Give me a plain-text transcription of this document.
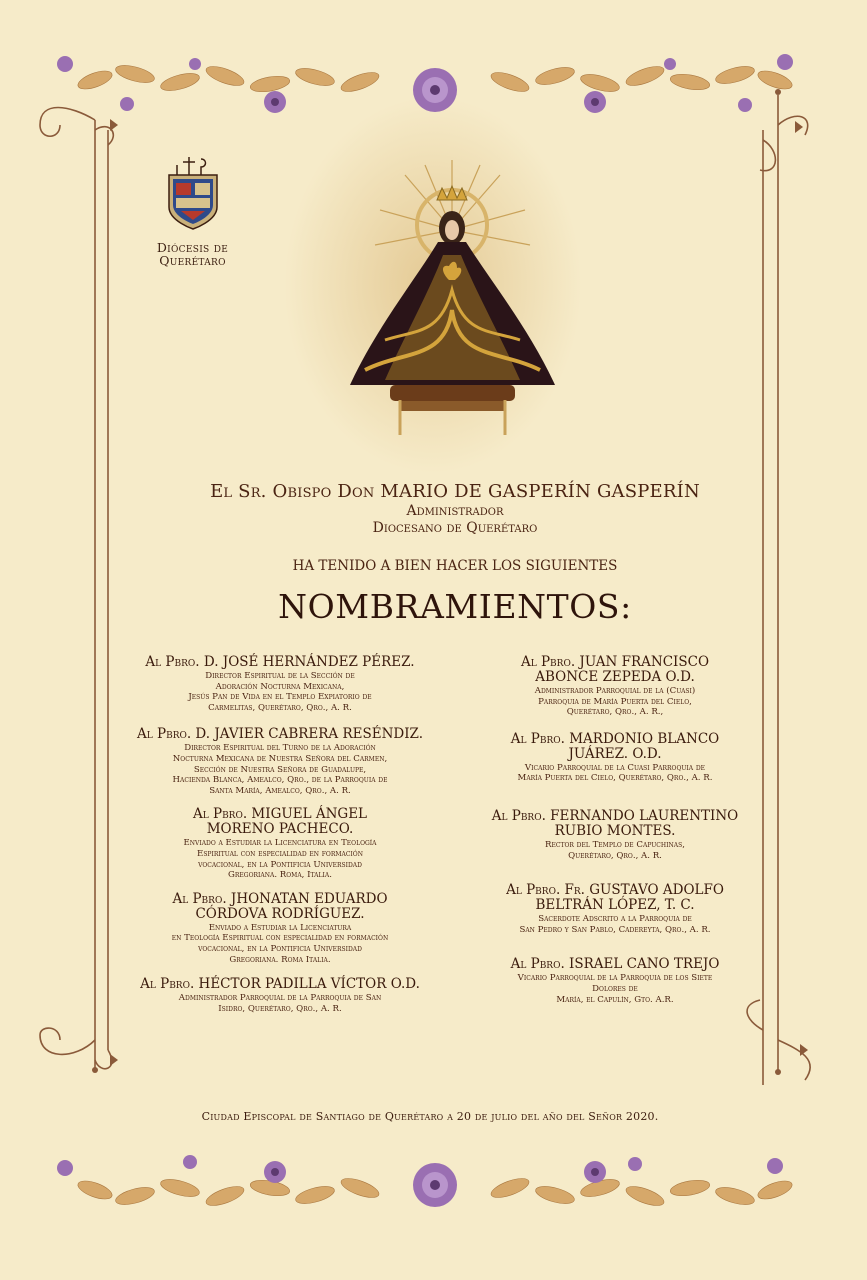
Diócesis de
Querétaro
El Sr. Obispo Don MARIO DE GASPERÍN GASPERÍN
Administrador
Diocesano de Querétaro
HA TENIDO A BIEN HACER LOS SIGUIENTES
NOMBRAMIENTOS:
Al Pbro. D. JOSÉ HERNÁNDEZ PÉREZ.
Director Espiritual de la Sección de
Adoración Nocturna Mexicana,
Jesús Pan de Vida en el Templo Expiatorio de
Carmelitas, Querétaro, Qro., A. R.
Al Pbro. D. JAVIER CABRERA RESÉNDIZ.
Director Espiritual del Turno de la Adoración
Nocturna Mexicana de Nuestra Señora del Carmen,
Sección de Nuestra Señora de Guadalupe,
Hacienda Blanca, Amealco, Qro., de la Parroquia de
Santa María, Amealco, Qro., A. R.
Al Pbro. MIGUEL ÁNGEL
MORENO PACHECO.
Enviado a Estudiar la Licenciatura en Teología
Espiritual con especialidad en formación
vocacional, en la Pontificia Universidad
Gregoriana. Roma, Italia.
Al Pbro. JHONATAN EDUARDO
CÓRDOVA RODRÍGUEZ.
Enviado a Estudiar la Licenciatura
en Teología Espiritual con especialidad en formación
vocacional, en la Pontificia Universidad
Gregoriana. Roma Italia.
Al Pbro. HÉCTOR PADILLA VÍCTOR O.D.
Administrador Parroquial de la Parroquia de San
Isidro, Querétaro, Qro., A. R.
Al Pbro. JUAN FRANCISCO
ABONCE ZEPEDA O.D.
Administrador Parroquial de la (Cuasi)
Parroquia de María Puerta del Cielo,
Querétaro, Qro., A. R.,
Al Pbro. MARDONIO BLANCO
JUÁREZ. O.D.
Vicario Parroquial de la Cuasi Parroquia de
María Puerta del Cielo, Querétaro, Qro., A. R.
Al Pbro. FERNANDO LAURENTINO
RUBIO MONTES.
Rector del Templo de Capuchinas,
Querétaro, Qro., A. R.
Al Pbro. Fr. GUSTAVO ADOLFO
BELTRÁN LÓPEZ, T. C.
Sacerdote Adscrito a la Parroquia de
San Pedro y San Pablo, Cadereyta, Qro., A. R.
Al Pbro. ISRAEL CANO TREJO
Vicario Parroquial de la Parroquia de los Siete
Dolores de
María, el Capulín, Gto. A.R.
Ciudad Episcopal de Santiago de Querétaro a 20 de julio del año del Señor 2020.
